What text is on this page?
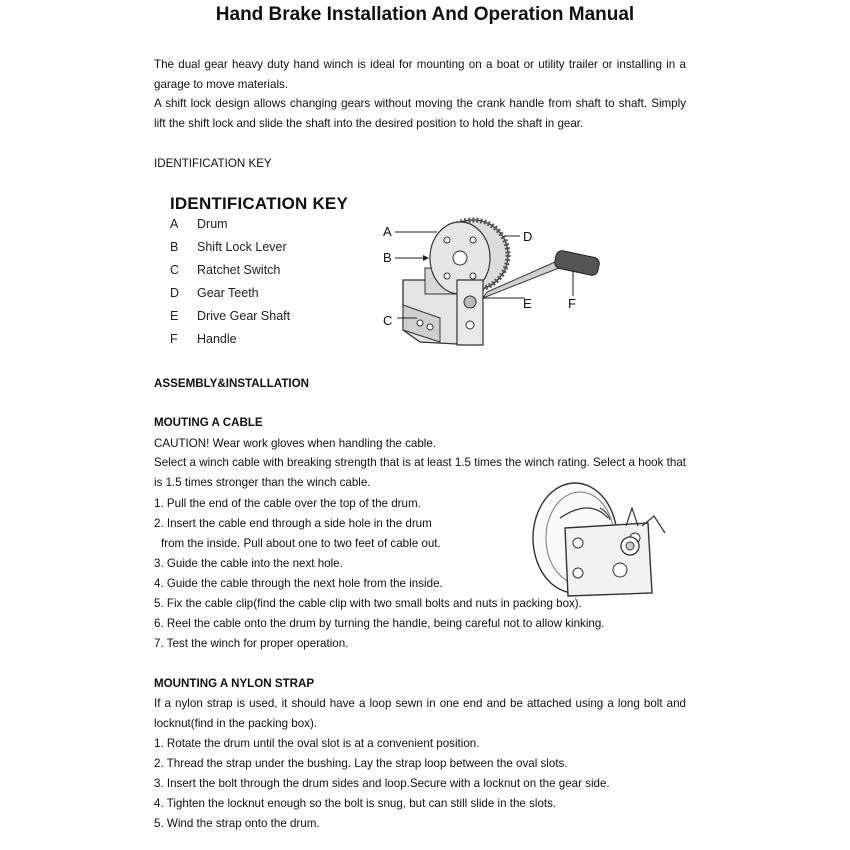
Hand Brake Installation And Operation Manual

The dual gear heavy duty hand winch is ideal for mounting on a boat or utility trailer or installing in a garage to move materials.

A shift lock design allows changing gears without moving the crank handle from shaft to shaft. Simply lift the shift lock and slide the shaft into the desired position to hold the shaft in gear.

IDENTIFICATION KEY
IDENTIFICATION KEY
A Drum
B Shift Lock Lever
C Ratchet Switch
D Gear Teeth
E Drive Gear Shaft
F Handle
A
B
C
D
E	F
ASSEMBLY&INSTALLATION
MOUTING A CABLE
CAUTION! Wear work gloves when handling the cable.

Select a winch cable with breaking strength that is at least 1.5 times the winch rating. Select a hook that is 1.5 times stronger than the winch cable.

1. Pull the end of the cable over the top of the drum.
2. Insert the cable end through a side hole in the drum
from the inside. Pull about one to two feet of cable out.
3. Guide the cable into the next hole.
4. Guide the cable through the next hole from the inside.
5. Fix the cable clip(find the cable clip with two small bolts and nuts in packing box).
6. Reel the cable onto the drum by turning the handle, being careful not to allow kinking.
7. Test the winch for proper operation.
MOUNTING A NYLON STRAP

If a nylon strap is used, it should have a loop sewn in one end and be attached using a long bolt and locknut(find in the packing box).

1. Rotate the drum until the oval slot is at a convenient position.
2. Thread the strap under the bushing. Lay the strap loop between the oval slots.
3. Insert the bolt through the drum sides and loop.Secure with a locknut on the gear side.
4. Tighten the locknut enough so the bolt is snug, but can still slide in the slots.
5. Wind the strap onto the drum.
